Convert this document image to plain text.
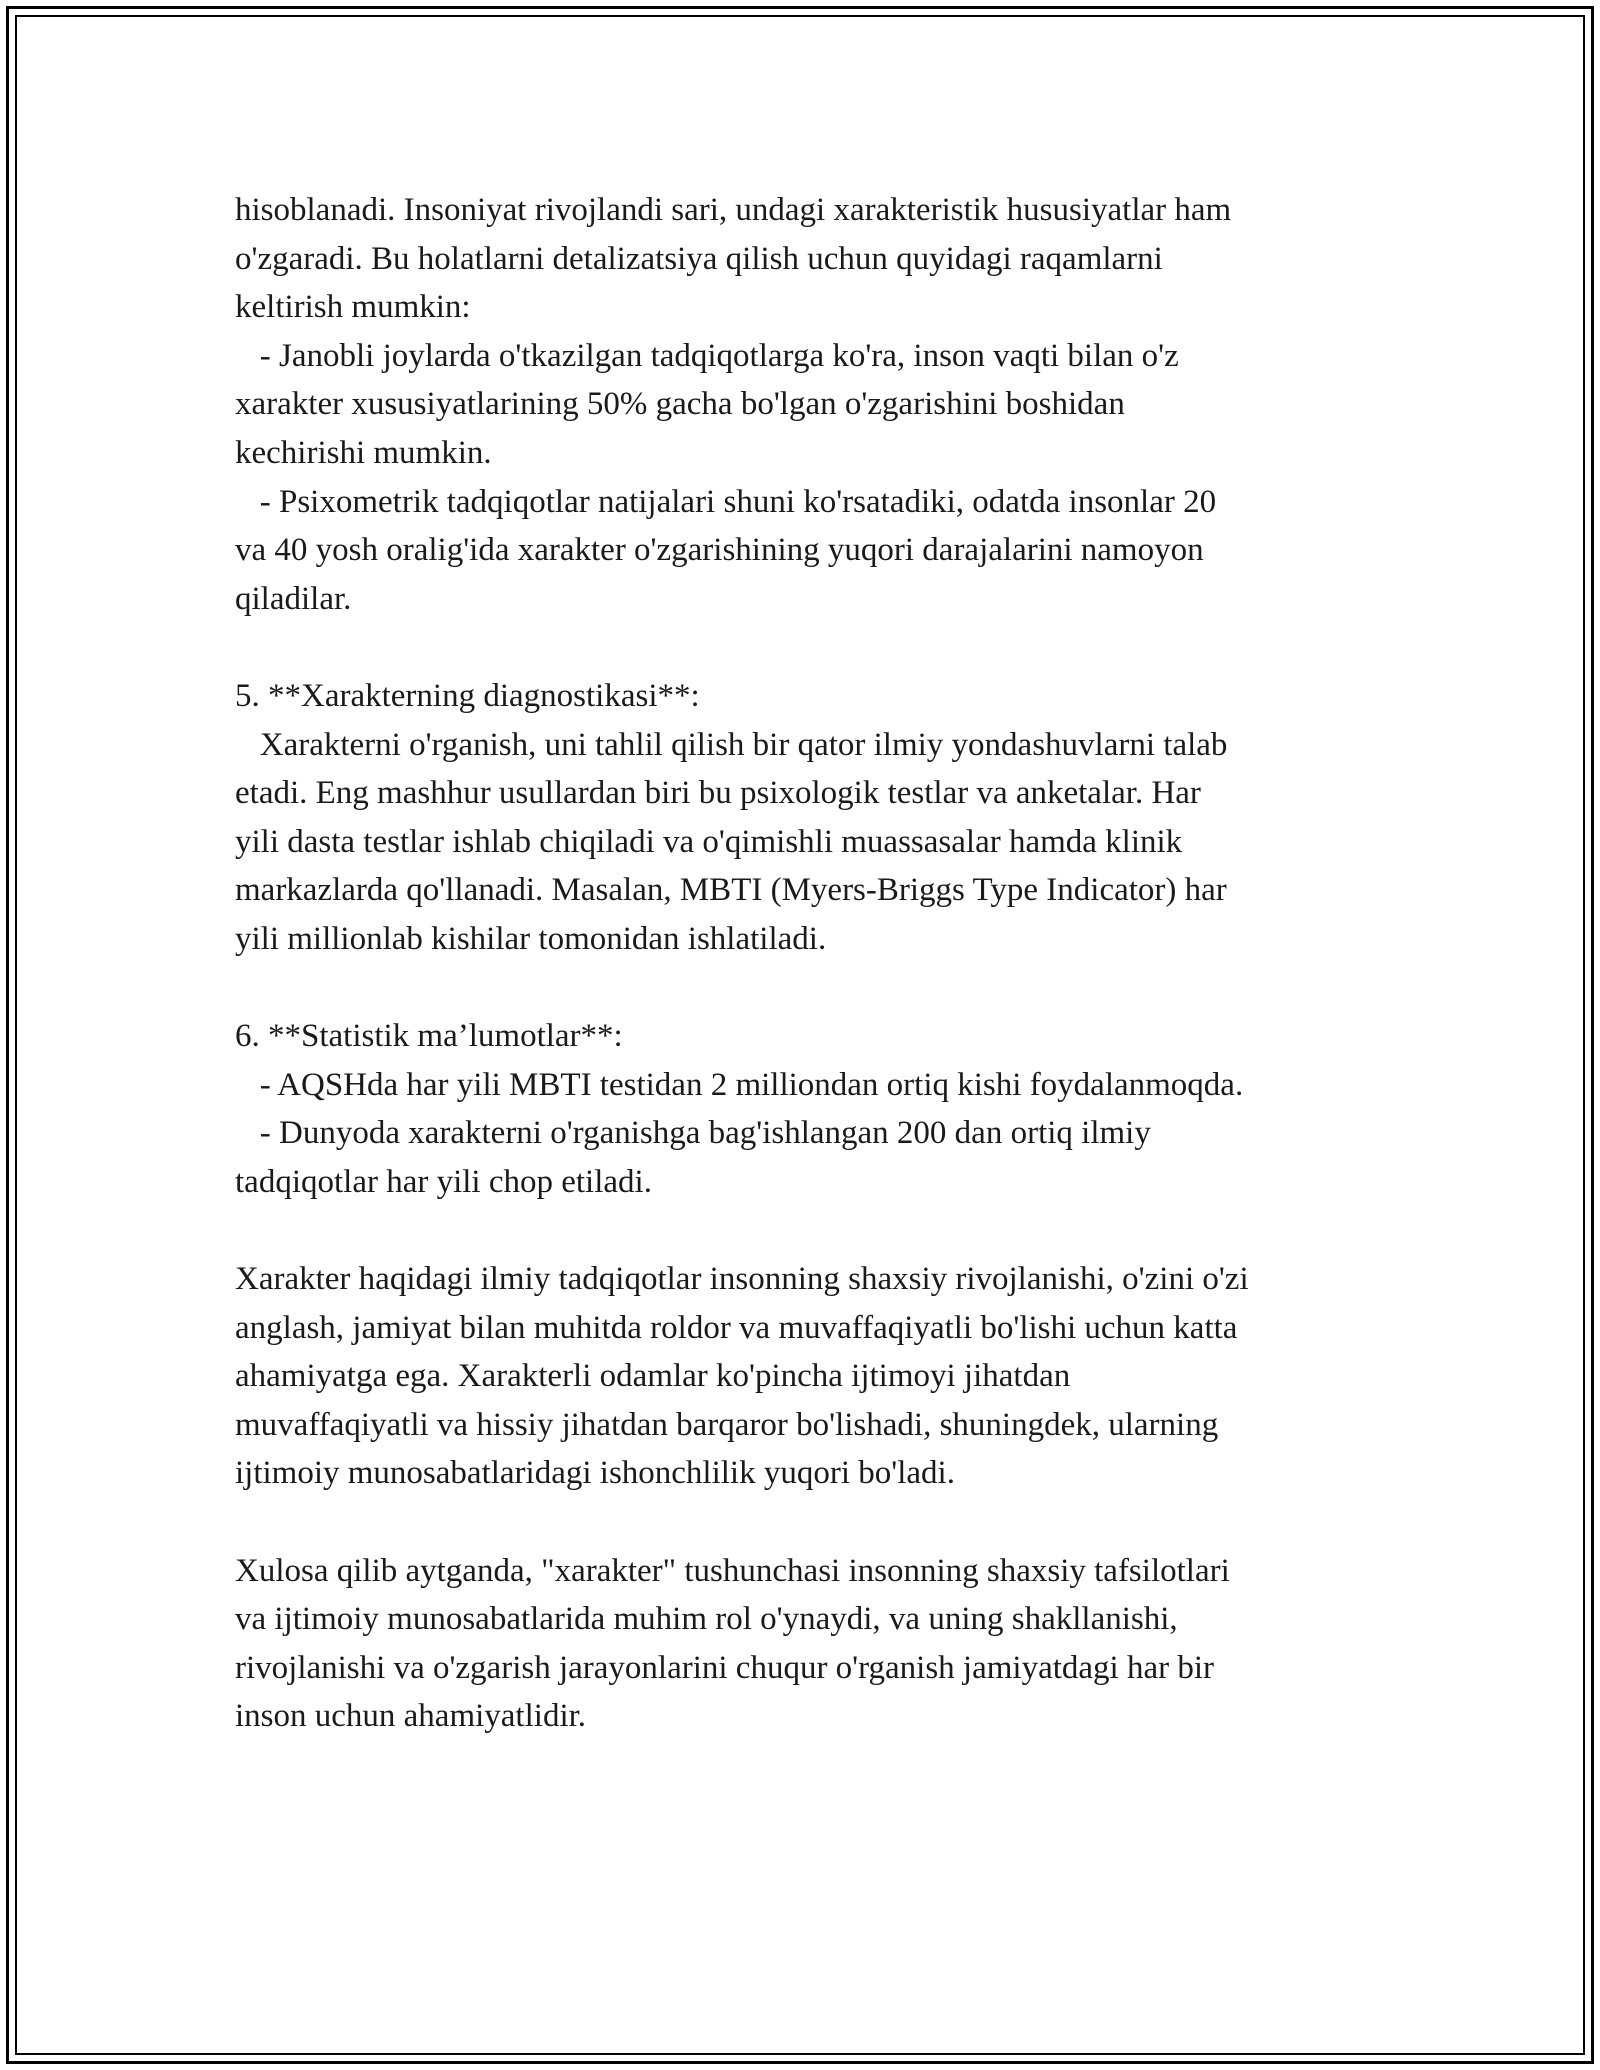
hisoblanadi. Insoniyat rivojlandi sari, undagi xarakteristik hususiyatlar ham
o'zgaradi. Bu holatlarni detalizatsiya qilish uchun quyidagi raqamlarni
keltirish mumkin:

- Janobli joylarda o'tkazilgan tadqiqotlarga ko'ra, inson vaqti bilan o'z
xarakter xususiyatlarining 50% gacha bo'lgan o'zgarishini boshidan
kechirishi mumkin.

- Psixometrik tadqiqotlar natijalari shuni ko'rsatadiki, odatda insonlar 20
va 40 yosh oralig'ida xarakter o'zgarishining yuqori darajalarini namoyon
qiladilar.

5. **Xarakterning diagnostikasi**:

Xarakterni o'rganish, uni tahlil qilish bir qator ilmiy yondashuvlarni talab
etadi. Eng mashhur usullardan biri bu psixologik testlar va anketalar. Har
yili dasta testlar ishlab chiqiladi va o'qimishli muassasalar hamda klinik
markazlarda qo'llanadi. Masalan, MBTI (Myers-Briggs Type Indicator) har
yili millionlab kishilar tomonidan ishlatiladi.

6. **Statistik ma’lumotlar**:

- AQSHda har yili MBTI testidan 2 milliondan ortiq kishi foydalanmoqda.

- Dunyoda xarakterni o'rganishga bag'ishlangan 200 dan ortiq ilmiy
tadqiqotlar har yili chop etiladi.

Xarakter haqidagi ilmiy tadqiqotlar insonning shaxsiy rivojlanishi, o'zini o'zi
anglash, jamiyat bilan muhitda roldor va muvaffaqiyatli bo'lishi uchun katta
ahamiyatga ega. Xarakterli odamlar ko'pincha ijtimoyi jihatdan
muvaffaqiyatli va hissiy jihatdan barqaror bo'lishadi, shuningdek, ularning
ijtimoiy munosabatlaridagi ishonchlilik yuqori bo'ladi.

Xulosa qilib aytganda, "xarakter" tushunchasi insonning shaxsiy tafsilotlari
va ijtimoiy munosabatlarida muhim rol o'ynaydi, va uning shakllanishi,
rivojlanishi va o'zgarish jarayonlarini chuqur o'rganish jamiyatdagi har bir
inson uchun ahamiyatlidir.
